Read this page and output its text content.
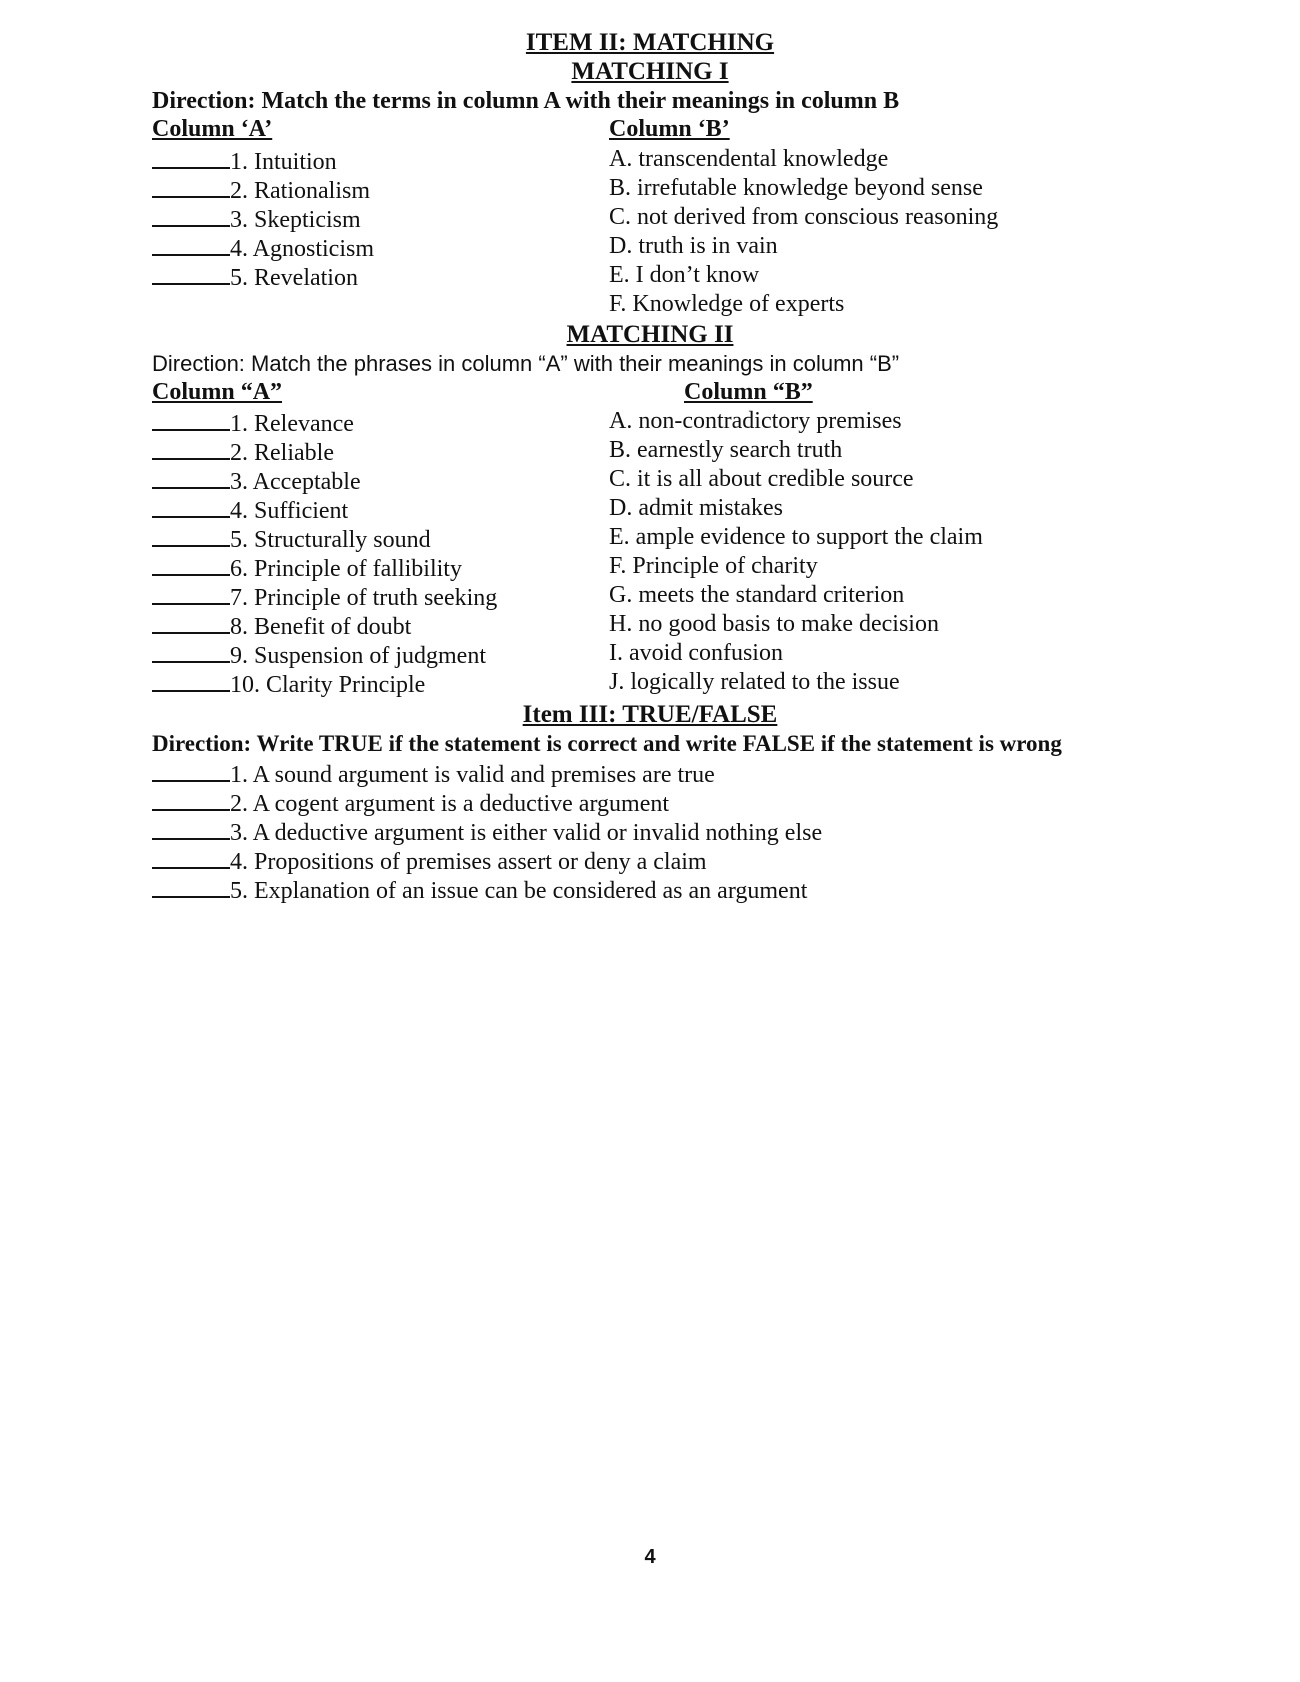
ITEM II: MATCHING
MATCHING I
Direction: Match the terms in column A with their meanings in column B
Column ‘A’	Column ‘B’
1. Intuition
2. Rationalism
3. Skepticism
4. Agnosticism
5. Revelation
A. transcendental knowledge
B. irrefutable knowledge beyond sense
C. not derived from conscious reasoning
D. truth is in vain
E. I don’t know
F. Knowledge of experts
MATCHING II
Direction: Match the phrases in column “A” with their meanings in column “B”
Column “A”	Column “B”
1. Relevance
2. Reliable
3. Acceptable
4. Sufficient
5. Structurally sound
6. Principle of fallibility
7. Principle of truth seeking
8. Benefit of doubt
9. Suspension of judgment
10. Clarity Principle
A. non-contradictory premises
B. earnestly search truth
C. it is all about credible source
D. admit mistakes
E. ample evidence to support the claim
F. Principle of charity
G. meets the standard criterion
H. no good basis to make decision
I. avoid confusion
J. logically related to the issue
Item III: TRUE/FALSE
Direction: Write TRUE if the statement is correct and write FALSE if the statement is wrong
1. A sound argument is valid and premises are true
2. A cogent argument is a deductive argument
3. A deductive argument is either valid or invalid nothing else
4. Propositions of premises assert or deny a claim
5. Explanation of an issue can be considered as an argument
4
